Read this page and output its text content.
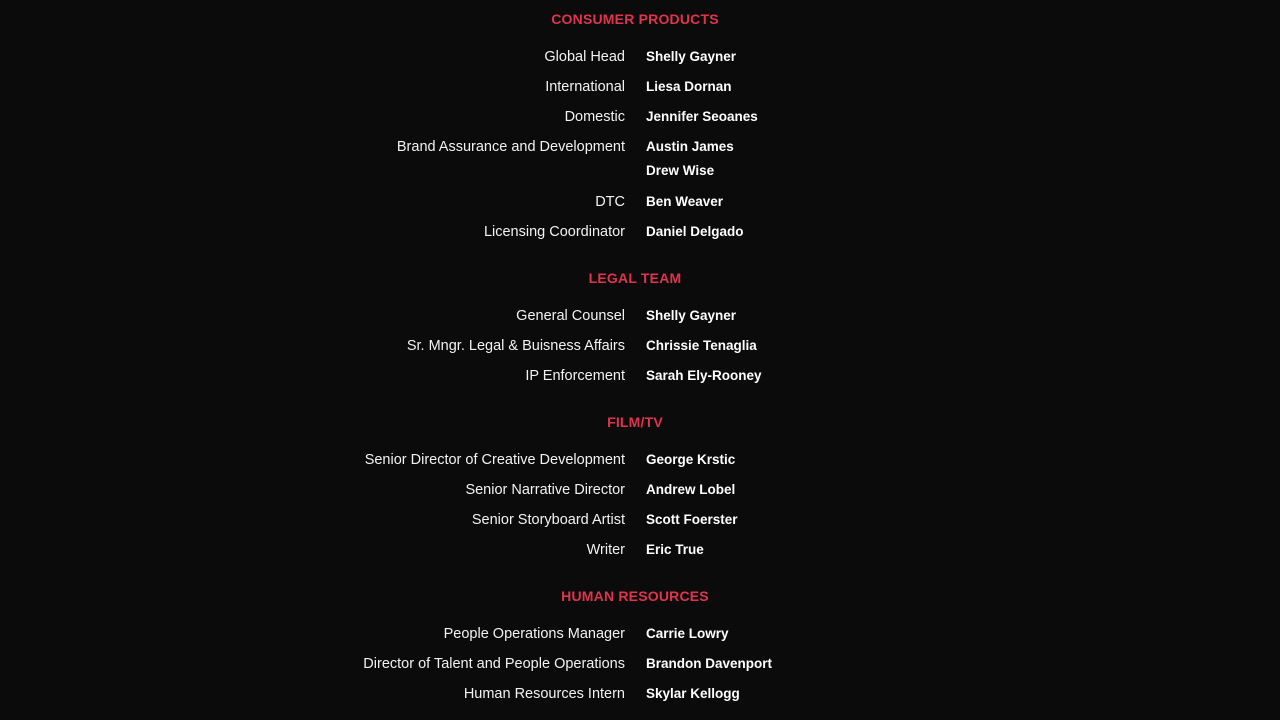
CONSUMER PRODUCTS
Global Head Shelly Gayner
International Liesa Dornan
Domestic Jennifer Seoanes
Brand Assurance and Development Austin James
Drew Wise
DTC Ben Weaver
Licensing Coordinator Daniel Delgado
LEGAL TEAM
General Counsel Shelly Gayner
Sr. Mngr. Legal & Buisness Affairs Chrissie Tenaglia
IP Enforcement Sarah Ely-Rooney
FILM/TV
Senior Director of Creative Development George Krstic
Senior Narrative Director Andrew Lobel
Senior Storyboard Artist Scott Foerster
Writer Eric True
HUMAN RESOURCES
People Operations Manager Carrie Lowry
Director of Talent and People Operations Brandon Davenport
Human Resources Intern Skylar Kellogg
